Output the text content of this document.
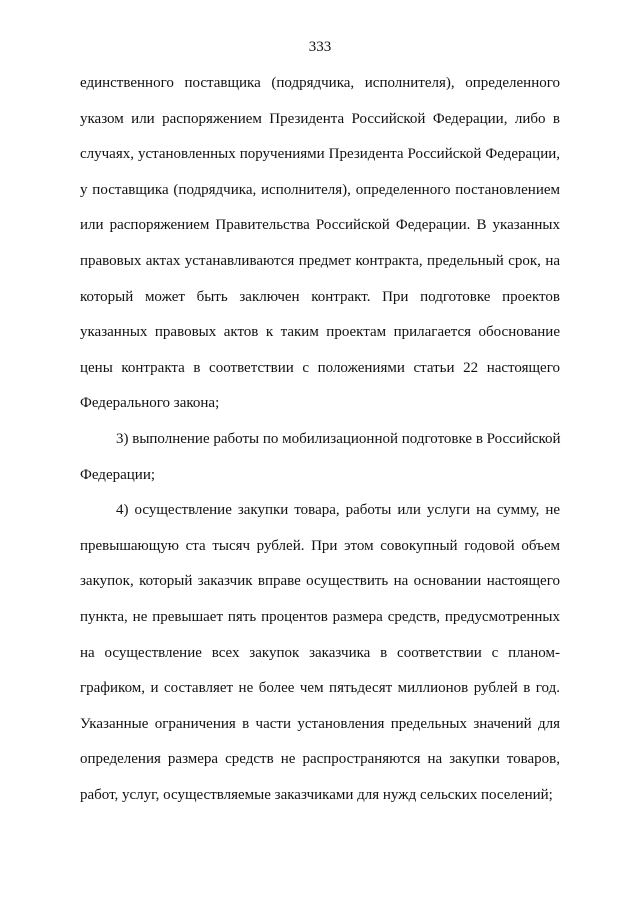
333
единственного поставщика (подрядчика, исполнителя), определенного
указом или распоряжением Президента Российской Федерации, либо в
случаях, установленных поручениями Президента Российской Федерации,
у поставщика (подрядчика, исполнителя), определенного постановлением
или распоряжением Правительства Российской Федерации. В указанных
правовых актах устанавливаются предмет контракта, предельный срок, на
который может быть заключен контракт. При подготовке проектов
указанных правовых актов к таким проектам прилагается обоснование
цены контракта в соответствии с положениями статьи 22 настоящего
Федерального закона;
3) выполнение работы по мобилизационной подготовке в Российской
Федерации;
4) осуществление закупки товара, работы или услуги на сумму, не
превышающую ста тысяч рублей. При этом совокупный годовой объем
закупок, который заказчик вправе осуществить на основании настоящего
пункта, не превышает пять процентов размера средств, предусмотренных
на осуществление всех закупок заказчика в соответствии с планом-
графиком, и составляет не более чем пятьдесят миллионов рублей в год.
Указанные ограничения в части установления предельных значений для
определения размера средств не распространяются на закупки товаров,
работ, услуг, осуществляемые заказчиками для нужд сельских поселений;
